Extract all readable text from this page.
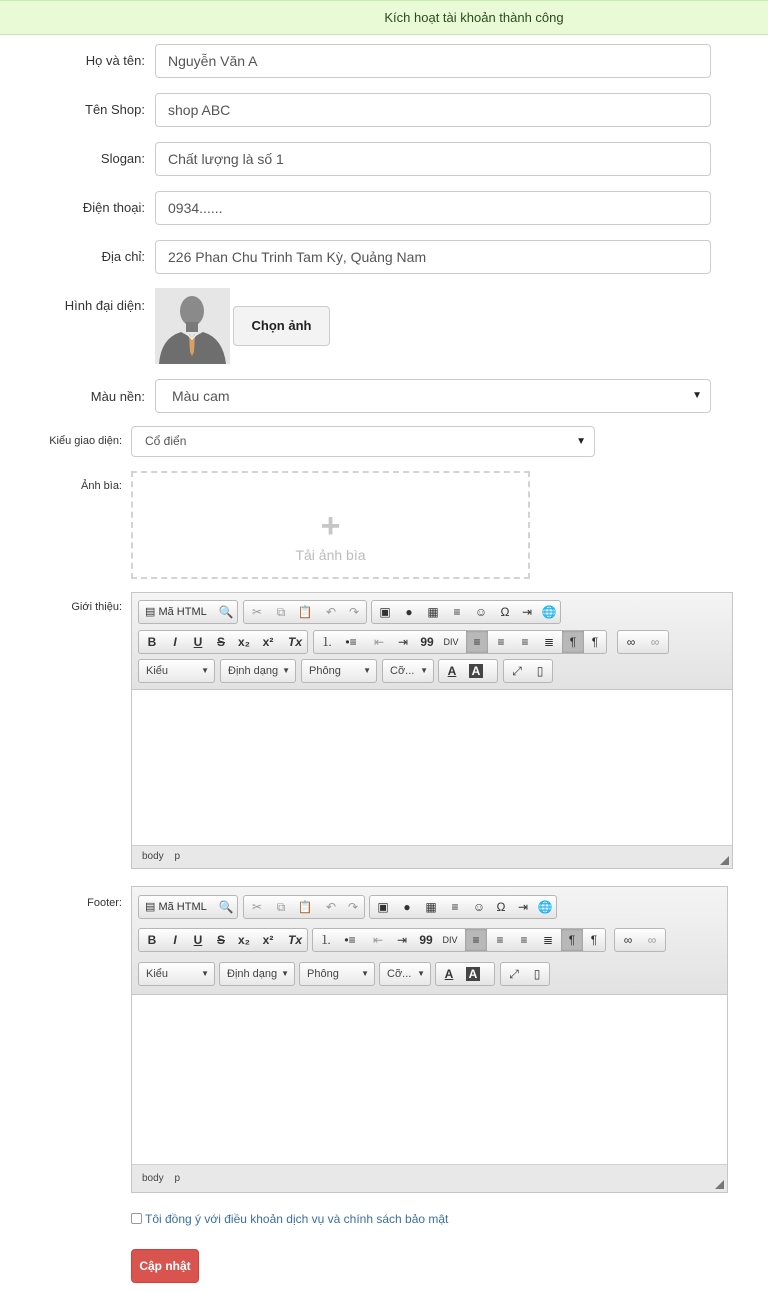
Kích hoạt tài khoản thành công
Họ và tên:	Nguyễn Văn A
Tên Shop:	shop ABC
Slogan:	Chất lượng là số 1
Điện thoại:	0934......
Địa chỉ:	226 Phan Chu Trinh Tam Kỳ, Quảng Nam
Hình đại diện:
Chọn ảnh
Màu nền:	Màu cam	▼
Kiểu giao diện:	Cổ điển	▼
Ảnh bìa:
+
Tải ảnh bìa
Giới thiệu:	▤ Mã HTML 🔍	✂	⧉	📋	↶	↷	▣	●	▦	≡	☺	Ω	⇥ 🌐
B	I	U	S	x₂	x²	Tx	⒈	•≡	⇤	⇥	99	DIV	≡	≡	≡	≣	¶	¶	∞	∞
Kiểu	▼	Định dạng ▼	Phông	▼	Cỡ... ▼	A	A	⤢	▯
body p
Footer:	▤ Mã HTML 🔍	✂	⧉	📋	↶ ↷	▣	●	▦	≡	☺ Ω	⇥ 🌐
B	I	U	S	x₂	x²	Tx	⒈	•≡	⇤	⇥	99	DIV	≡	≡	≡	≣	¶	¶	∞	∞
Kiểu	▼	Định dạng ▼	Phông	▼	Cỡ... ▼	A	A	⤢	▯
body p
Tôi đồng ý với điều khoản dịch vụ và chính sách bảo mật
Cập nhật
